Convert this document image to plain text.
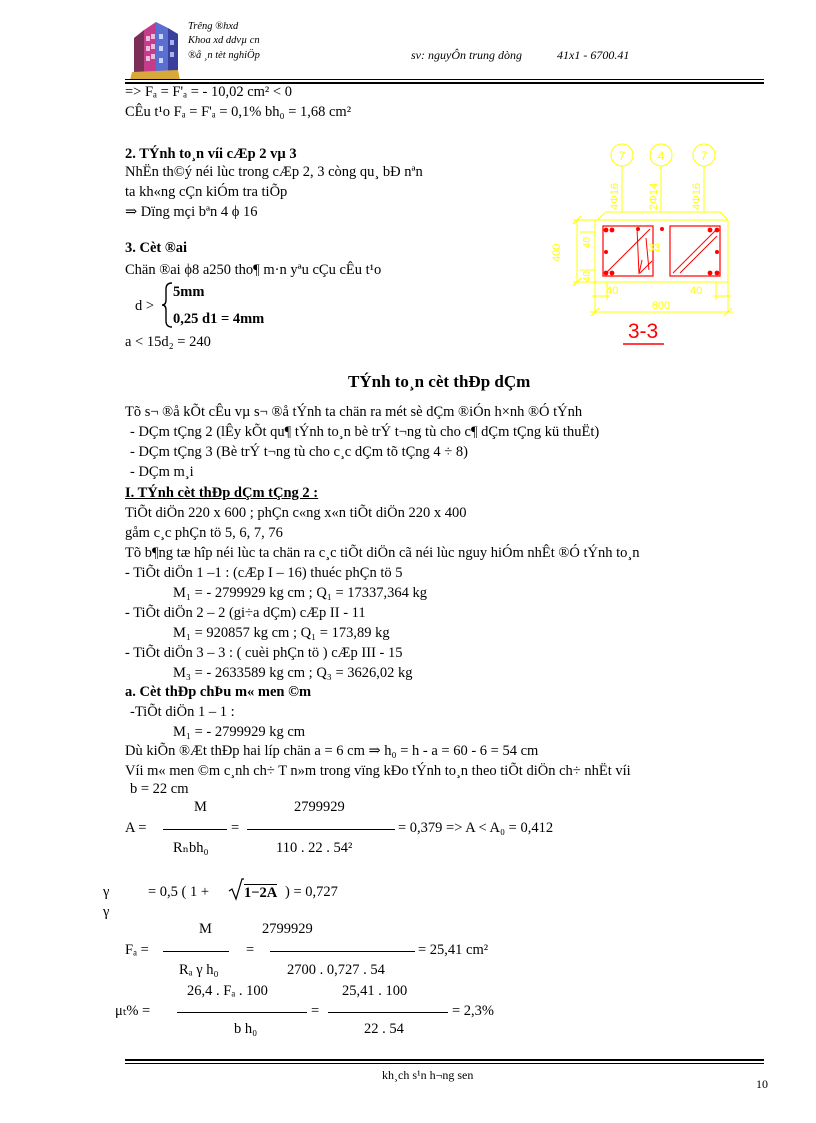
Trêng ®hxd
Khoa xd ddvµ cn
®å ¸n tèt nghiÖp	sv: nguyÔn trung dòng	41x1 - 6700.41
=> Fₐ = F'ₐ = - 10,02 cm² < 0
CÊu t¹o Fₐ = F'ₐ = 0,1% bh₀ = 1,68 cm²
2. TÝnh to¸n víi cÆp 2 vµ 3
NhËn th©ý néi lùc trong cÆp 2, 3 còng qu¸ bÐ nªn
ta kh«ng cÇn kiÓm tra tiÕp
⇒ Dïng mçi bªn 4 ϕ 16
3. Cèt ®ai
Chän ®ai ϕ8 a250 tho¶ m·n yªu cÇu cÊu t¹o
d >
5mm
0,25 d1 = 4mm
a < 15d₂ = 240
7	4	7
4Φ16 2Φ14	4Φ16
400
40
40
33
40	40
600
3-3
TÝnh to¸n cèt thÐp dÇm
Tõ s¬ ®å kÕt cÊu vµ s¬ ®å tÝnh ta chän ra mét sè dÇm ®iÓn h×nh ®Ó tÝnh
- DÇm tÇng 2 (lÊy kÕt qu¶ tÝnh to¸n bè trÝ t¬ng tù cho c¶ dÇm tÇng kü thuËt)
- DÇm tÇng 3 (Bè trÝ t¬ng tù cho c¸c dÇm tõ tÇng 4 ÷ 8)
- DÇm m¸i
I. TÝnh cèt thÐp dÇm tÇng 2 :
TiÕt diÖn 220 x 600 ; phÇn c«ng x«n tiÕt diÖn 220 x 400
gåm c¸c phÇn tö 5, 6, 7, 76
Tõ b¶ng tæ hîp néi lùc ta chän ra c¸c tiÕt diÖn cã néi lùc nguy hiÓm nhÊt ®Ó tÝnh to¸n
- TiÕt diÖn 1 –1 : (cÆp I – 16) thuéc phÇn tö 5
M₁ = - 2799929 kg cm ; Q₁ = 17337,364 kg
- TiÕt diÖn 2 – 2 (gi÷a dÇm) cÆp II - 11
M₁ = 920857 kg cm ; Q₁ = 173,89 kg
- TiÕt diÖn 3 – 3 : ( cuèi phÇn tö ) cÆp III - 15
M₃ = - 2633589 kg cm ; Q₃ = 3626,02 kg
a. Cèt thÐp chÞu m« men ©m
-TiÕt diÖn 1 – 1 :
M₁ = - 2799929 kg cm
Dù kiÕn ®Æt thÐp hai líp chän a = 6 cm ⇒ h₀ = h - a = 60 - 6 = 54 cm
Víi m« men ©m c¸nh ch÷ T n»m trong vïng kÐo tÝnh to¸n theo tiÕt diÖn ch÷ nhËt víi
b = 22 cm
A =
M
Rₙbh₀
=
2799929
110 . 22 . 54²
= 0,379 => A < A₀ = 0,412
γ	= 0,5 ( 1 + 1−2A ) = 0,727
γ
Fₐ =
M
Rₐ γ h₀
=
2799929
2700 . 0,727 . 54
= 25,41 cm²
μₜ% =
26,4 . Fₐ . 100
b h₀
=
25,41 . 100
22 . 54
= 2,3%
kh¸ch s¹n h¬ng sen
10
